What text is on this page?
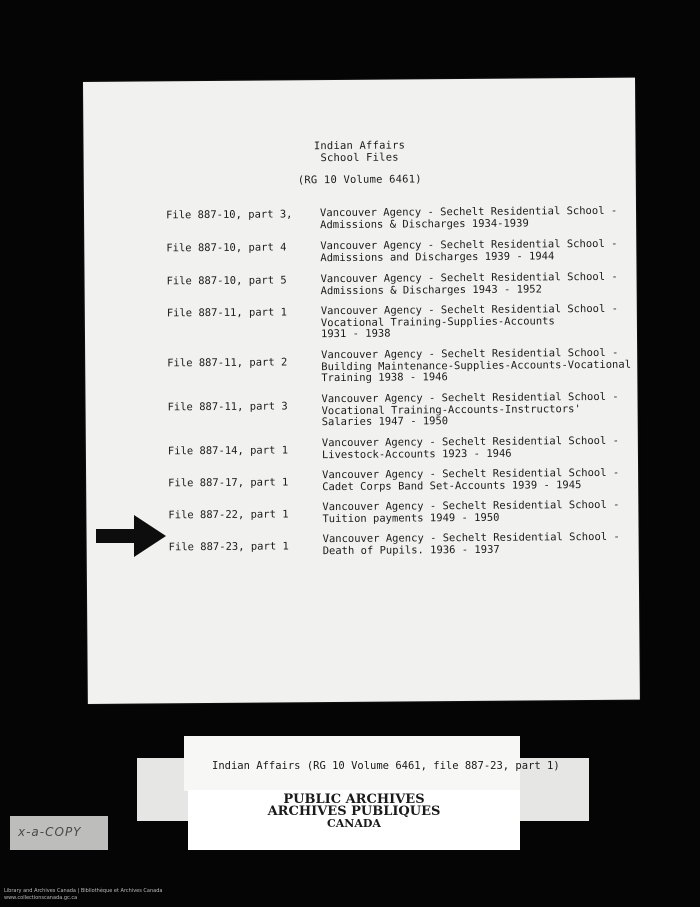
Indian Affairs
School Files
(RG 10 Volume 6461)
File 887-10, part 3,	Vancouver Agency - Sechelt Residential School -
Admissions & Discharges 1934-1939
File 887-10, part 4	Vancouver Agency - Sechelt Residential School -
Admissions and Discharges 1939 - 1944
File 887-10, part 5	Vancouver Agency - Sechelt Residential School -
Admissions & Discharges 1943 - 1952
File 887-11, part 1	Vancouver Agency - Sechelt Residential School -
Vocational Training-Supplies-Accounts
1931 - 1938
File 887-11, part 2
Vancouver Agency - Sechelt Residential School -
Building Maintenance-Supplies-Accounts-Vocational
Training 1938 - 1946
File 887-11, part 3
Vancouver Agency - Sechelt Residential School -
Vocational Training-Accounts-Instructors'
Salaries 1947 - 1950
File 887-14, part 1
Vancouver Agency - Sechelt Residential School -
Livestock-Accounts 1923 - 1946
File 887-17, part 1
Vancouver Agency - Sechelt Residential School -
Cadet Corps Band Set-Accounts 1939 - 1945
File 887-22, part 1
Vancouver Agency - Sechelt Residential School -
Tuition payments 1949 - 1950
File 887-23, part 1
Vancouver Agency - Sechelt Residential School -
Death of Pupils. 1936 - 1937
Indian Affairs (RG 10 Volume 6461, file 887-23, part 1)
PUBLIC ARCHIVES
ARCHIVES PUBLIQUES
CANADA
x-a-COPY
Library and Archives Canada | Bibliothèque et Archives Canada
www.collectionscanada.gc.ca
